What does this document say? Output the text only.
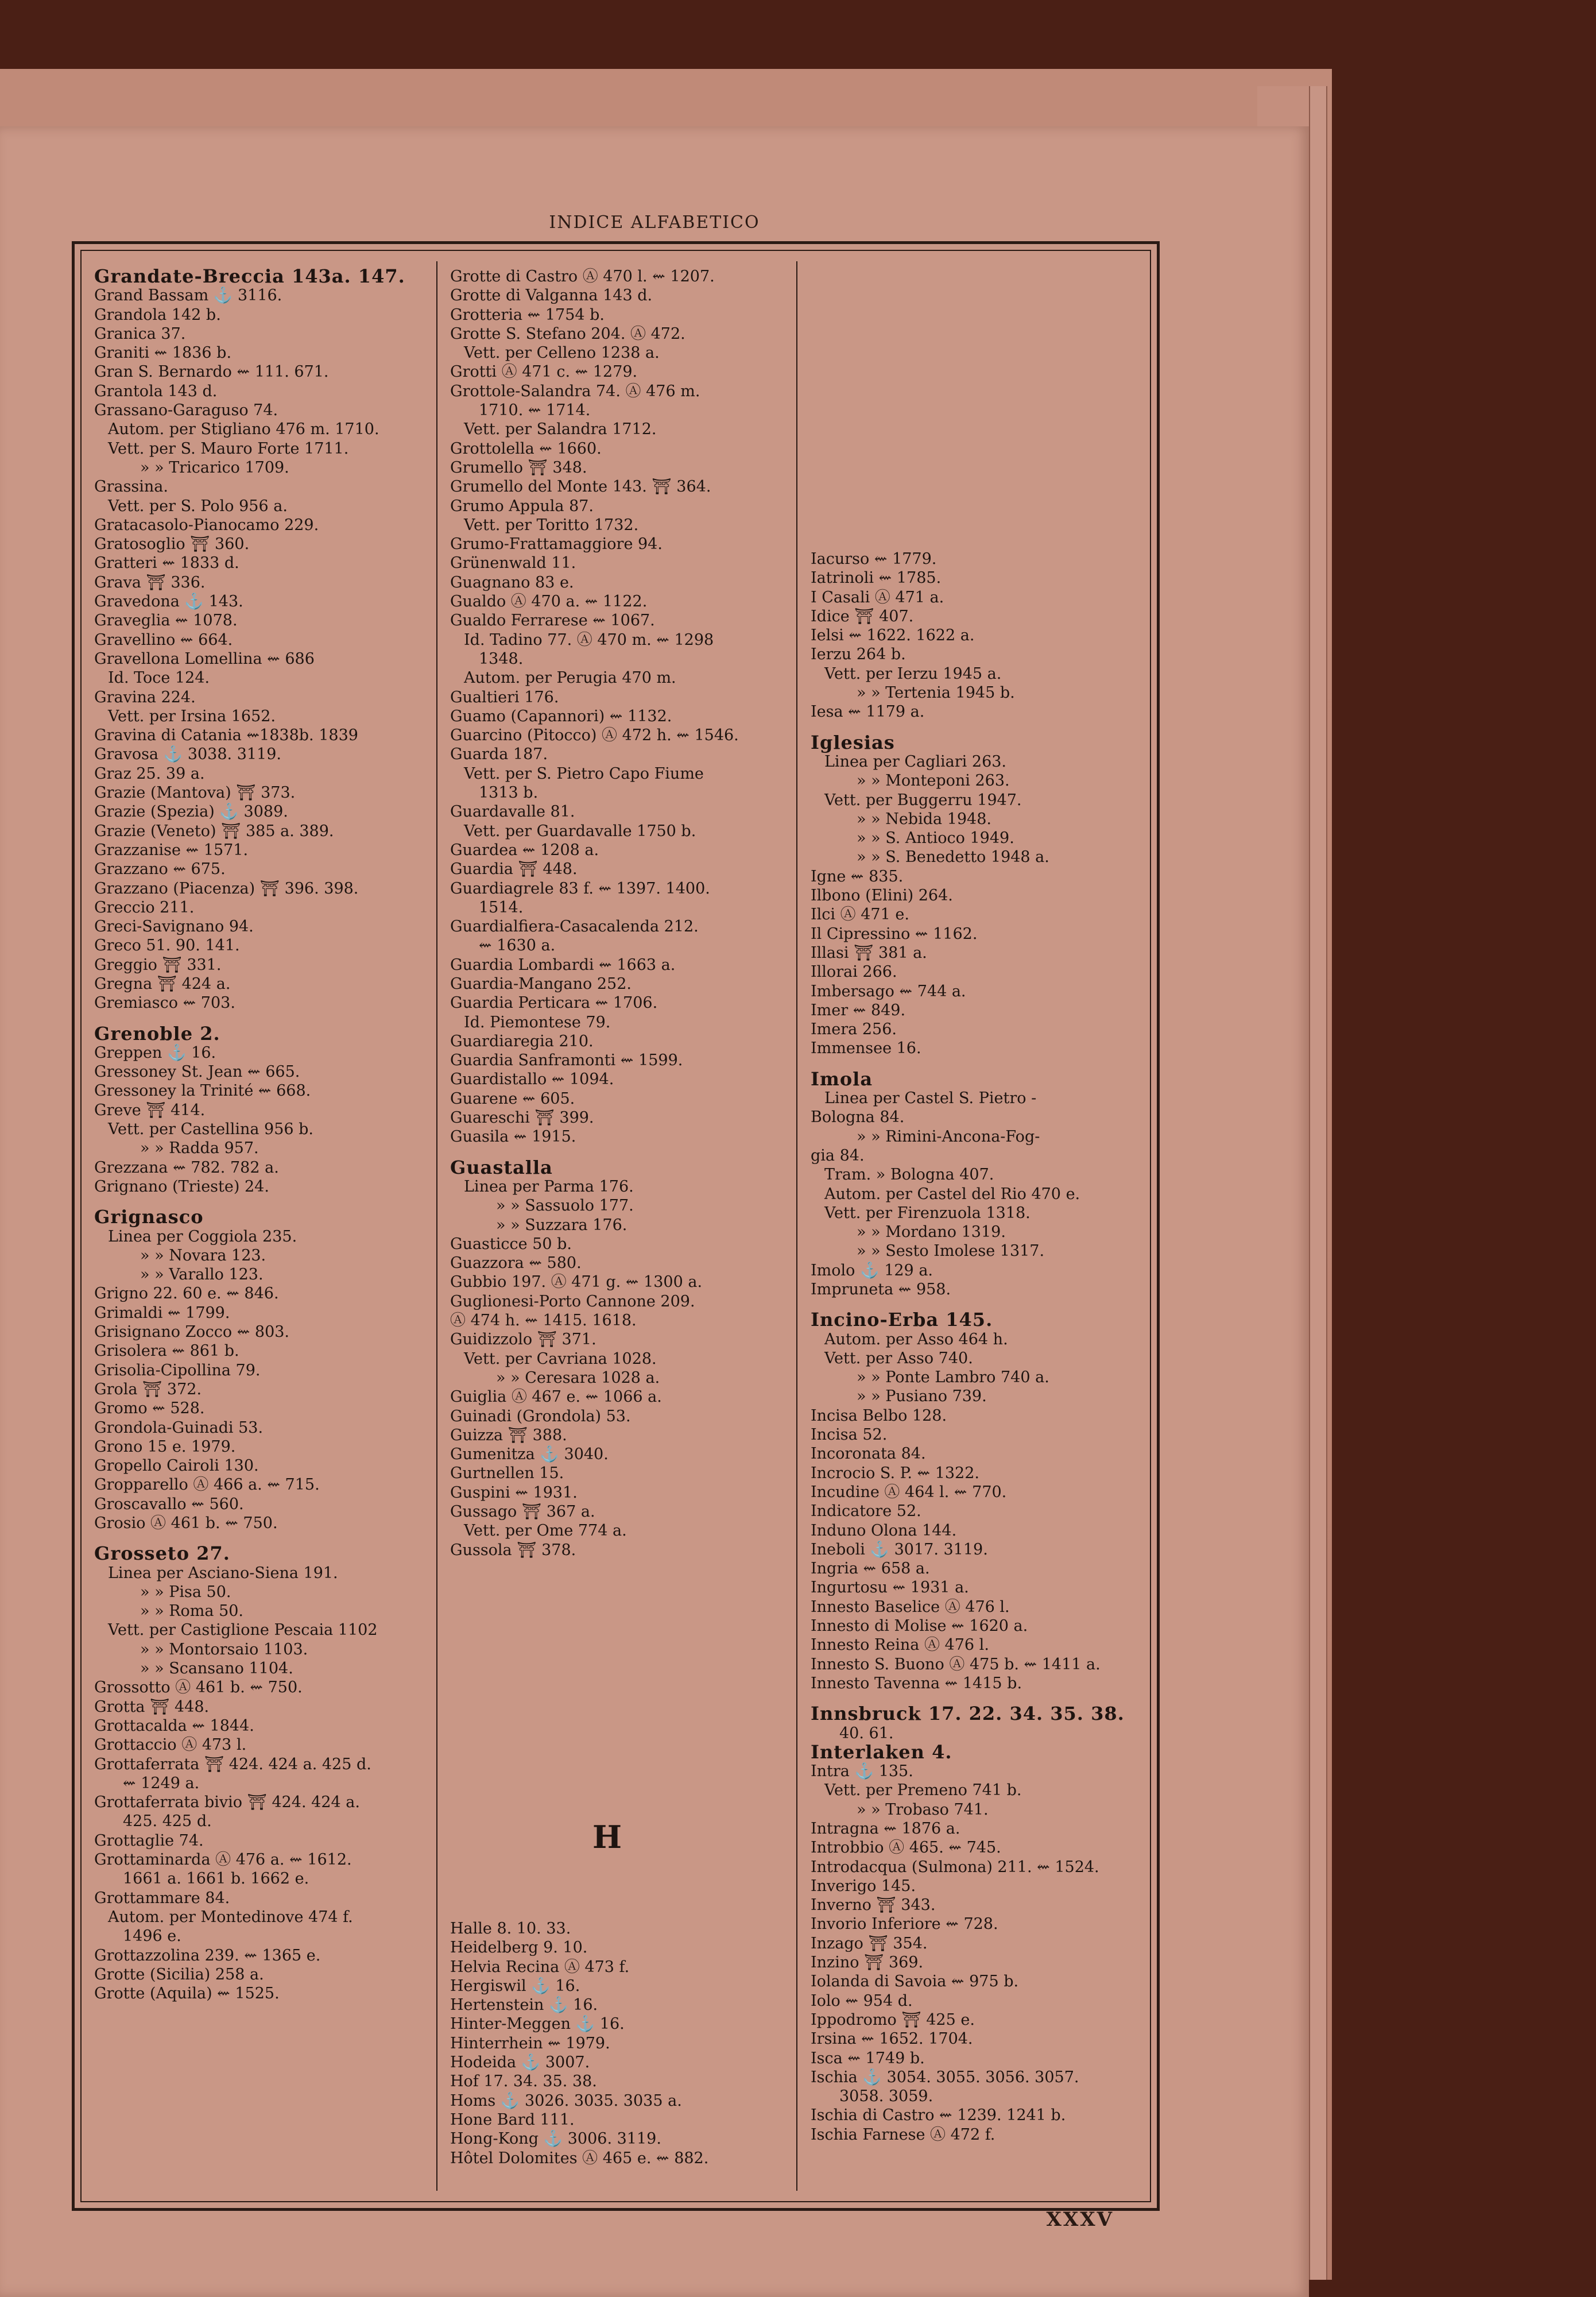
INDICE ALFABETICO
Grandate-Breccia 143a. 147.
Grand Bassam ⚓ 3116.
Grandola 142 b.
Granica 37.
Graniti ⇜ 1836 b.
Gran S. Bernardo ⇜ 111. 671.
Grantola 143 d.
Grassano-Garaguso 74.
Autom. per Stigliano 476 m. 1710.
Vett. per S. Mauro Forte 1711.
» » Tricarico 1709.
Grassina.
Vett. per S. Polo 956 a.
Gratacasolo-Pianocamo 229.
Gratosoglio ⛩ 360.
Gratteri ⇜ 1833 d.
Grava ⛩ 336.
Gravedona ⚓ 143.
Graveglia ⇜ 1078.
Gravellino ⇜ 664.
Gravellona Lomellina ⇜ 686
Id. Toce 124.
Gravina 224.
Vett. per Irsina 1652.
Gravina di Catania ⇜1838b. 1839
Gravosa ⚓ 3038. 3119.
Graz 25. 39 a.
Grazie (Mantova) ⛩ 373.
Grazie (Spezia) ⚓ 3089.
Grazie (Veneto) ⛩ 385 a. 389.
Grazzanise ⇜ 1571.
Grazzano ⇜ 675.
Grazzano (Piacenza) ⛩ 396. 398.
Greccio 211.
Greci-Savignano 94.
Greco 51. 90. 141.
Greggio ⛩ 331.
Gregna ⛩ 424 a.
Gremiasco ⇜ 703.
Grenoble 2.
Greppen ⚓ 16.
Gressoney St. Jean ⇜ 665.
Gressoney la Trinité ⇜ 668.
Greve ⛩ 414.
Vett. per Castellina 956 b.
» » Radda 957.
Grezzana ⇜ 782. 782 a.
Grignano (Trieste) 24.
Grignasco
Linea per Coggiola 235.
» » Novara 123.
» » Varallo 123.
Grigno 22. 60 e. ⇜ 846.
Grimaldi ⇜ 1799.
Grisignano Zocco ⇜ 803.
Grisolera ⇜ 861 b.
Grisolia-Cipollina 79.
Grola ⛩ 372.
Gromo ⇜ 528.
Grondola-Guinadi 53.
Grono 15 e. 1979.
Gropello Cairoli 130.
Gropparello Ⓐ 466 a. ⇜ 715.
Groscavallo ⇜ 560.
Grosio Ⓐ 461 b. ⇜ 750.
Grosseto 27.
Linea per Asciano-Siena 191.
» » Pisa 50.
» » Roma 50.
Vett. per Castiglione Pescaia 1102
» » Montorsaio 1103.
» » Scansano 1104.
Grossotto Ⓐ 461 b. ⇜ 750.
Grotta ⛩ 448.
Grottacalda ⇜ 1844.
Grottaccio Ⓐ 473 l.
Grottaferrata ⛩ 424. 424 a. 425 d.
⇜ 1249 a.
Grottaferrata bivio ⛩ 424. 424 a.
425. 425 d.
Grottaglie 74.
Grottaminarda Ⓐ 476 a. ⇜ 1612.
1661 a. 1661 b. 1662 e.
Grottammare 84.
Autom. per Montedinove 474 f.
1496 e.
Grottazzolina 239. ⇜ 1365 e.
Grotte (Sicilia) 258 a.
Grotte (Aquila) ⇜ 1525.
Grotte di Castro Ⓐ 470 l. ⇜ 1207.
Grotte di Valganna 143 d.
Grotteria ⇜ 1754 b.
Grotte S. Stefano 204. Ⓐ 472.
Vett. per Celleno 1238 a.
Grotti Ⓐ 471 c. ⇜ 1279.
Grottole-Salandra 74. Ⓐ 476 m.
1710. ⇜ 1714.
Vett. per Salandra 1712.
Grottolella ⇜ 1660.
Grumello ⛩ 348.
Grumello del Monte 143. ⛩ 364.
Grumo Appula 87.
Vett. per Toritto 1732.
Grumo-Frattamaggiore 94.
Grünenwald 11.
Guagnano 83 e.
Gualdo Ⓐ 470 a. ⇜ 1122.
Gualdo Ferrarese ⇜ 1067.
Id. Tadino 77. Ⓐ 470 m. ⇜ 1298
1348.
Autom. per Perugia 470 m.
Gualtieri 176.
Guamo (Capannori) ⇜ 1132.
Guarcino (Pitocco) Ⓐ 472 h. ⇜ 1546.
Guarda 187.
Vett. per S. Pietro Capo Fiume
1313 b.
Guardavalle 81.
Vett. per Guardavalle 1750 b.
Guardea ⇜ 1208 a.
Guardia ⛩ 448.
Guardiagrele 83 f. ⇜ 1397. 1400.
1514.
Guardialfiera-Casacalenda 212.
⇜ 1630 a.
Guardia Lombardi ⇜ 1663 a.
Guardia-Mangano 252.
Guardia Perticara ⇜ 1706.
Id. Piemontese 79.
Guardiaregia 210.
Guardia Sanframonti ⇜ 1599.
Guardistallo ⇜ 1094.
Guarene ⇜ 605.
Guareschi ⛩ 399.
Guasila ⇜ 1915.
Guastalla
Linea per Parma 176.
» » Sassuolo 177.
» » Suzzara 176.
Guasticce 50 b.
Guazzora ⇜ 580.
Gubbio 197. Ⓐ 471 g. ⇜ 1300 a.
Guglionesi-Porto Cannone 209.
Ⓐ 474 h. ⇜ 1415. 1618.
Guidizzolo ⛩ 371.
Vett. per Cavriana 1028.
» » Ceresara 1028 a.
Guiglia Ⓐ 467 e. ⇜ 1066 a.
Guinadi (Grondola) 53.
Guizza ⛩ 388.
Gumenitza ⚓ 3040.
Gurtnellen 15.
Guspini ⇜ 1931.
Gussago ⛩ 367 a.
Vett. per Ome 774 a.
Gussola ⛩ 378.
Iacurso ⇜ 1779.
Iatrinoli ⇜ 1785.
I Casali Ⓐ 471 a.
Idice ⛩ 407.
Ielsi ⇜ 1622. 1622 a.
Ierzu 264 b.
Vett. per Ierzu 1945 a.
» » Tertenia 1945 b.
Iesa ⇜ 1179 a.
Iglesias
Linea per Cagliari 263.
» » Monteponi 263.
Vett. per Buggerru 1947.
» » Nebida 1948.
» » S. Antioco 1949.
» » S. Benedetto 1948 a.
Igne ⇜ 835.
Ilbono (Elini) 264.
Ilci Ⓐ 471 e.
Il Cipressino ⇜ 1162.
Illasi ⛩ 381 a.
Illorai 266.
Imbersago ⇜ 744 a.
Imer ⇜ 849.
Imera 256.
Immensee 16.
Imola
Linea per Castel S. Pietro -
Bologna 84.
» » Rimini-Ancona-Fog-
gia 84.
Tram. » Bologna 407.
Autom. per Castel del Rio 470 e.
Vett. per Firenzuola 1318.
» » Mordano 1319.
» » Sesto Imolese 1317.
Imolo ⚓ 129 a.
Impruneta ⇜ 958.
Incino-Erba 145.
Autom. per Asso 464 h.
Vett. per Asso 740.
» » Ponte Lambro 740 a.
» » Pusiano 739.
Incisa Belbo 128.
Incisa 52.
Incoronata 84.
Incrocio S. P. ⇜ 1322.
Incudine Ⓐ 464 l. ⇜ 770.
Indicatore 52.
Induno Olona 144.
Ineboli ⚓ 3017. 3119.
Ingria ⇜ 658 a.
Ingurtosu ⇜ 1931 a.
Innesto Baselice Ⓐ 476 l.
Innesto di Molise ⇜ 1620 a.
Innesto Reina Ⓐ 476 l.
Innesto S. Buono Ⓐ 475 b. ⇜ 1411 a.
Innesto Tavenna ⇜ 1415 b.
Innsbruck 17. 22. 34. 35. 38.
40. 61.
Interlaken 4.
Intra ⚓ 135.
Vett. per Premeno 741 b.
» » Trobaso 741.
Intragna ⇜ 1876 a.
Introbbio Ⓐ 465. ⇜ 745.
Introdacqua (Sulmona) 211. ⇜ 1524.
Inverigo 145.
Inverno ⛩ 343.
Invorio Inferiore ⇜ 728.
Inzago ⛩ 354.
Inzino ⛩ 369.
Iolanda di Savoia ⇜ 975 b.
Iolo ⇜ 954 d.
Ippodromo ⛩ 425 e.
Irsina ⇜ 1652. 1704.
Isca ⇜ 1749 b.
Ischia ⚓ 3054. 3055. 3056. 3057.
3058. 3059.
Ischia di Castro ⇜ 1239. 1241 b.
Ischia Farnese Ⓐ 472 f.
H
Halle 8. 10. 33.
Heidelberg 9. 10.
Helvia Recina Ⓐ 473 f.
Hergiswil ⚓ 16.
Hertenstein ⚓ 16.
Hinter-Meggen ⚓ 16.
Hinterrhein ⇜ 1979.
Hodeida ⚓ 3007.
Hof 17. 34. 35. 38.
Homs ⚓ 3026. 3035. 3035 a.
Hone Bard 111.
Hong-Kong ⚓ 3006. 3119.
Hôtel Dolomites Ⓐ 465 e. ⇜ 882.
XXXV
